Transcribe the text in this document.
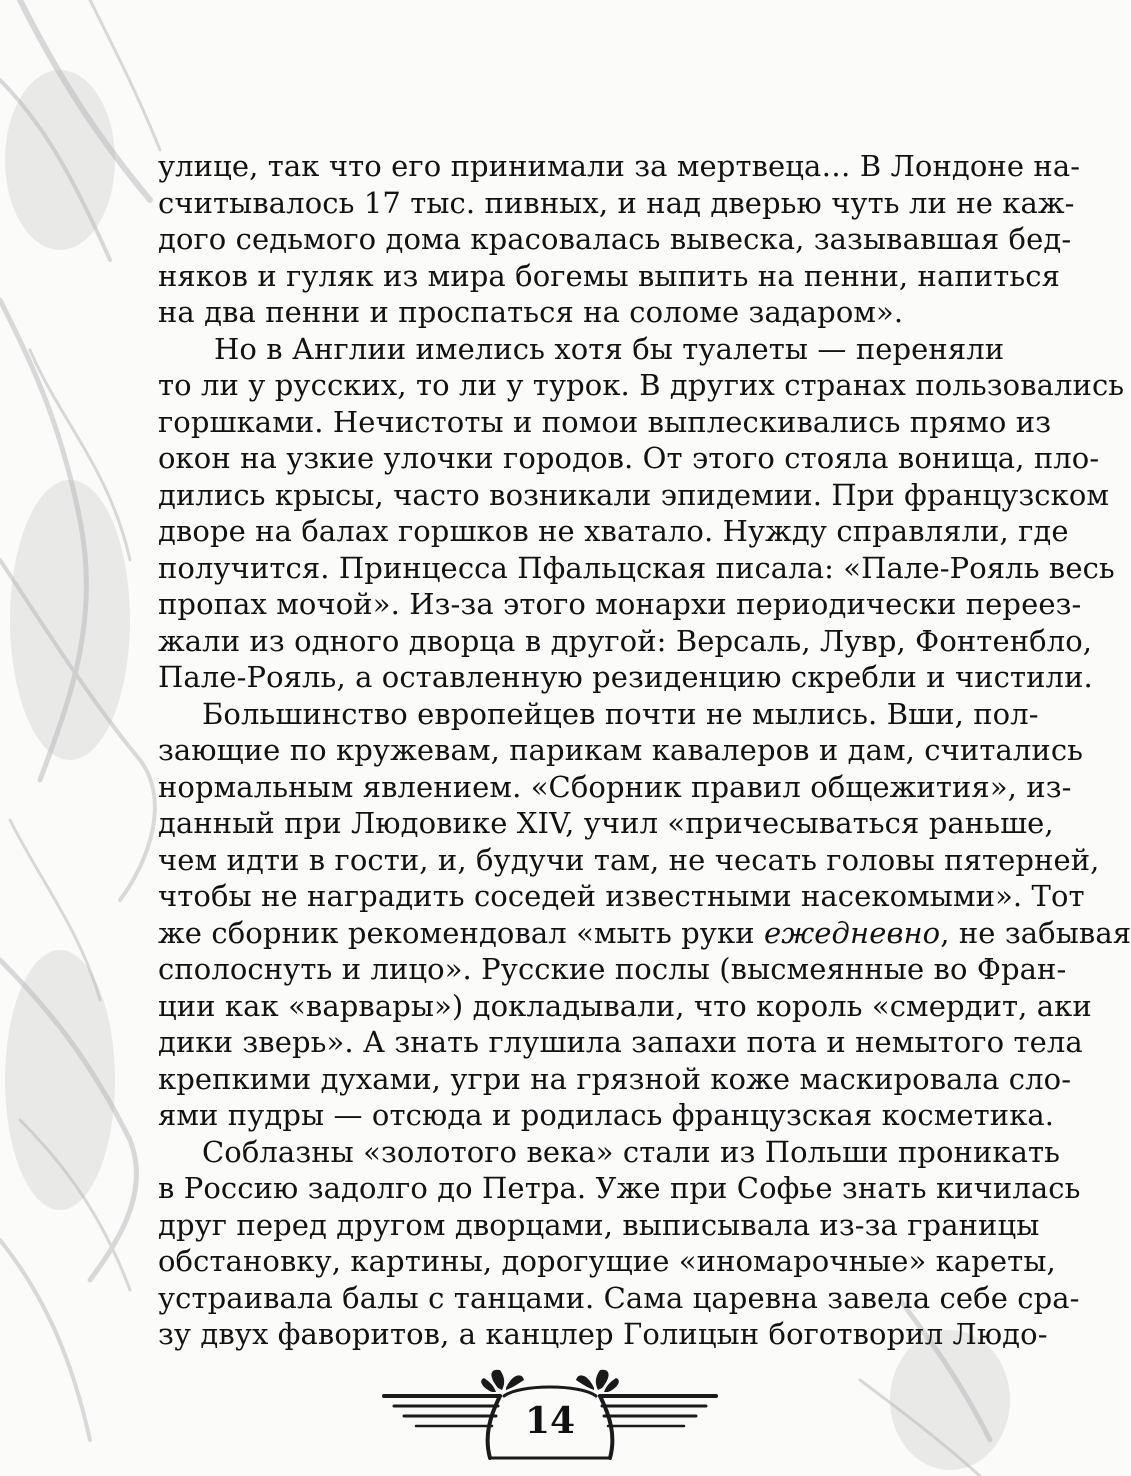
улице, так что его принимали за мертвеца… В Лондоне на-
считывалось 17 тыс. пивных, и над дверью чуть ли не каж-
дого седьмого дома красовалась вывеска, зазывавшая бед-
няков и гуляк из мира богемы выпить на пенни, напиться
на два пенни и проспаться на соломе задаром».
Но в Англии имелись хотя бы туалеты — переняли
то ли у русских, то ли у турок. В других странах пользовались
горшками. Нечистоты и помои выплескивались прямо из
окон на узкие улочки городов. От этого стояла вонища, пло-
дились крысы, часто возникали эпидемии. При французском
дворе на балах горшков не хватало. Нужду справляли, где
получится. Принцесса Пфальцская писала: «Пале-Рояль весь
пропах мочой». Из-за этого монархи периодически переез-
жали из одного дворца в другой: Версаль, Лувр, Фонтенбло,
Пале-Рояль, а оставленную резиденцию скребли и чистили.
Большинство европейцев почти не мылись. Вши, пол-
зающие по кружевам, парикам кавалеров и дам, считались
нормальным явлением. «Сборник правил общежития», из-
данный при Людовике XIV, учил «причесываться раньше,
чем идти в гости, и, будучи там, не чесать головы пятерней,
чтобы не наградить соседей известными насекомыми». Тот
же сборник рекомендовал «мыть руки ежедневно, не забывая
сполоснуть и лицо». Русские послы (высмеянные во Фран-
ции как «варвары») докладывали, что король «смердит, аки
дики зверь». А знать глушила запахи пота и немытого тела
крепкими духами, угри на грязной коже маскировала сло-
ями пудры — отсюда и родилась французская косметика.
Соблазны «золотого века» стали из Польши проникать
в Россию задолго до Петра. Уже при Софье знать кичилась
друг перед другом дворцами, выписывала из-за границы
обстановку, картины, дорогущие «иномарочные» кареты,
устраивала балы с танцами. Сама царевна завела себе сра-
зу двух фаворитов, а канцлер Голицын боготворил Людо-
14
